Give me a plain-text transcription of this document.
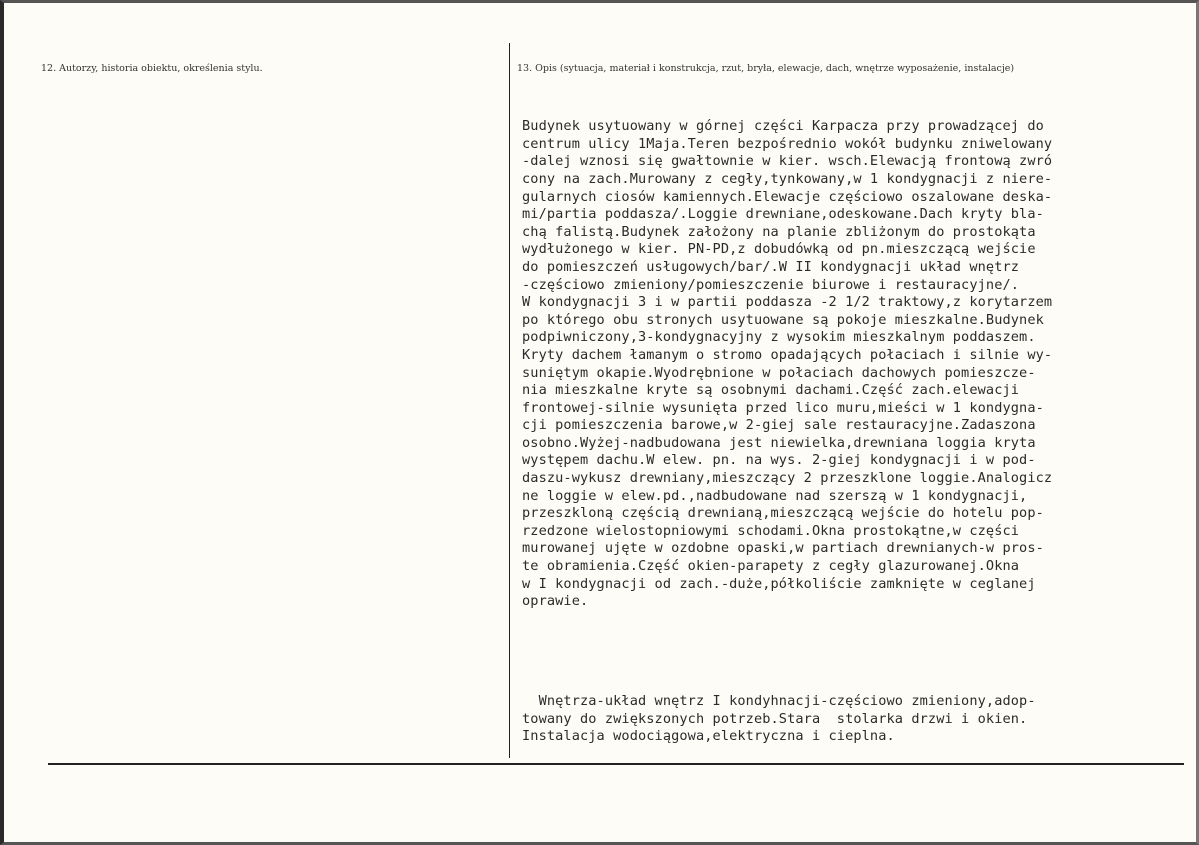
12. Autorzy, historia obiektu, określenia stylu.	13. Opis (sytuacja, materiał i konstrukcja, rzut, bryła, elewacje, dach, wnętrze wyposażenie, instalacje)

Budynek usytuowany w górnej części Karpacza przy prowadzącej do
centrum ulicy 1Maja.Teren bezpośrednio wokół budynku zniwelowany
-dalej wznosi się gwałtownie w kier. wsch.Elewacją frontową zwró
cony na zach.Murowany z cegły,tynkowany,w 1 kondygnacji z niere-
gularnych ciosów kamiennych.Elewacje częściowo oszalowane deska-
mi/partia poddasza/.Loggie drewniane,odeskowane.Dach kryty bla-
chą falistą.Budynek założony na planie zbliżonym do prostokąta
wydłużonego w kier. PN-PD,z dobudówką od pn.mieszczącą wejście
do pomieszczeń usługowych/bar/.W II kondygnacji układ wnętrz
-częściowo zmieniony/pomieszczenie biurowe i restauracyjne/.
W kondygnacji 3 i w partii poddasza -2 1/2 traktowy,z korytarzem
po którego obu stronych usytuowane są pokoje mieszkalne.Budynek
podpiwniczony,3-kondygnacyjny z wysokim mieszkalnym poddaszem.
Kryty dachem łamanym o stromo opadających połaciach i silnie wy-
suniętym okapie.Wyodrębnione w połaciach dachowych pomieszcze-
nia mieszkalne kryte są osobnymi dachami.Część zach.elewacji
frontowej-silnie wysunięta przed lico muru,mieści w 1 kondygna-
cji pomieszczenia barowe,w 2-giej sale restauracyjne.Zadaszona
osobno.Wyżej-nadbudowana jest niewielka,drewniana loggia kryta
występem dachu.W elew. pn. na wys. 2-giej kondygnacji i w pod-
daszu-wykusz drewniany,mieszczący 2 przeszklone loggie.Analogicz
ne loggie w elew.pd.,nadbudowane nad szerszą w 1 kondygnacji,
przeszkloną częścią drewnianą,mieszczącą wejście do hotelu pop-
rzedzone wielostopniowymi schodami.Okna prostokątne,w części
murowanej ujęte w ozdobne opaski,w partiach drewnianych-w pros-
te obramienia.Część okien-parapety z cegły glazurowanej.Okna
w I kondygnacji od zach.-duże,półkoliście zamknięte w ceglanej
oprawie.

Wnętrza-układ wnętrz I kondyhnacji-częściowo zmieniony,adop-
towany do zwiększonych potrzeb.Stara  stolarka drzwi i okien.
Instalacja wodociągowa,elektryczna i cieplna.
